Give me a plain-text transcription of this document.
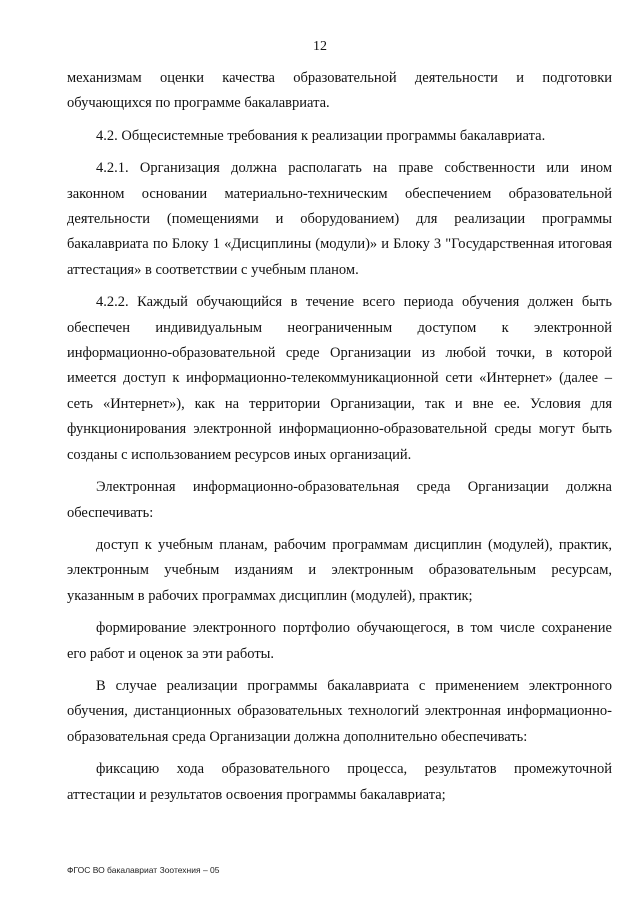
12

механизмам оценки качества образовательной деятельности и подготовки обучающихся по программе бакалавриата.

4.2. Общесистемные требования к реализации программы бакалавриата.

4.2.1. Организация должна располагать на праве собственности или ином законном основании материально-техническим обеспечением образовательной деятельности (помещениями и оборудованием) для реализации программы бакалавриата по Блоку 1 «Дисциплины (модули)» и Блоку 3 "Государственная итоговая аттестация» в соответствии с учебным планом.

4.2.2. Каждый обучающийся в течение всего периода обучения должен быть обеспечен индивидуальным неограниченным доступом к электронной информационно-образовательной среде Организации из любой точки, в которой имеется доступ к информационно-телекоммуникационной сети «Интернет» (далее – сеть «Интернет»), как на территории Организации, так и вне ее. Условия для функционирования электронной информационно-образовательной среды могут быть созданы с использованием ресурсов иных организаций.

Электронная информационно-образовательная среда Организации должна обеспечивать:

доступ к учебным планам, рабочим программам дисциплин (модулей), практик, электронным учебным изданиям и электронным образовательным ресурсам, указанным в рабочих программах дисциплин (модулей), практик;

формирование электронного портфолио обучающегося, в том числе сохранение его работ и оценок за эти работы.

В случае реализации программы бакалавриата с применением электронного обучения, дистанционных образовательных технологий электронная информационно-образовательная среда Организации должна дополнительно обеспечивать:

фиксацию хода образовательного процесса, результатов промежуточной аттестации и результатов освоения программы бакалавриата;

ФГОС ВО бакалавриат Зоотехния – 05
